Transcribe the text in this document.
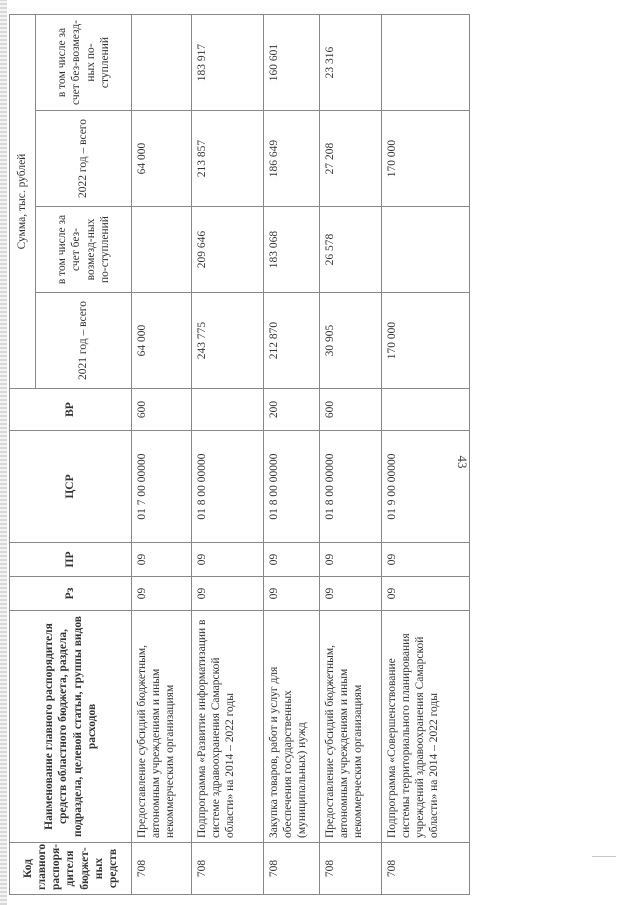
43
Код главного распоря-дителя бюджет-ных средств	Наименование главного распорядителя средств областного бюджета, раздела, подраздела, целевой статьи, группы видов расходов	Рз	ПР	ЦСР	ВР	Сумма, тыс. рублей			
						2021 год – всего	в том числе за счет без-возмезд-ных по-ступлений	2022 год – всего	в том числе за счет без-возмезд-ных по-ступлений
708	Предоставление субсидий бюджетным, автономным учреждениям и иным некоммерческим организациям	09	09	01 7 00 00000	600	64 000		64 000	
708	Подпрограмма «Развитие информатизации в системе здравоохранения Самарской области» на 2014 – 2022 годы	09	09	01 8 00 00000		243 775	209 646	213 857	183 917
708	Закупка товаров, работ и услуг для обеспечения государственных (муниципальных) нужд	09	09	01 8 00 00000	200	212 870	183 068	186 649	160 601
708	Предоставление субсидий бюджетным, автономным учреждениям и иным некоммерческим организациям	09	09	01 8 00 00000	600	30 905	26 578	27 208	23 316
708	Подпрограмма «Совершенствование системы территориального планирования учреждений здравоохранения Самарской области» на 2014 – 2022 годы	09	09	01 9 00 00000		170 000		170 000	
